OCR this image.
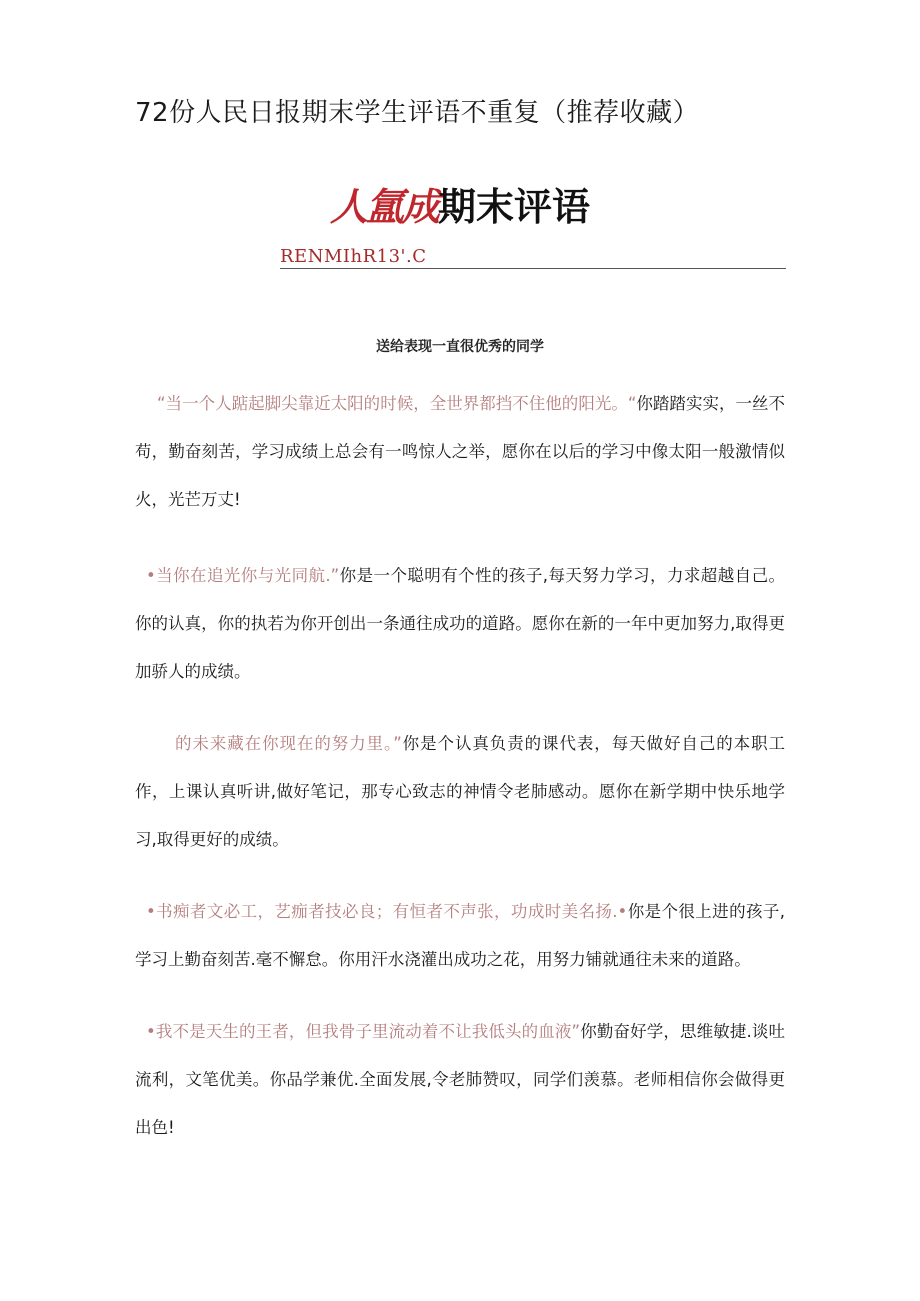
72份人民日报期末学生评语不重复（推荐收藏）
人氲成期末评语
RENMIhR13'.C
送给表现一直很优秀的同学

“当一个人踮起脚尖靠近太阳的时候，全世界都挡不住他的阳光。“你踏踏实实，一丝不苟，勤奋刻苦，学习成绩上总会有一鸣惊人之举，愿你在以后的学习中像太阳一般激情似火，光芒万丈!

•当你在追光你与光同航.”你是一个聪明有个性的孩子,每天努力学习，力求超越自己。你的认真，你的执若为你开创出一条通往成功的道路。愿你在新的一年中更加努力,取得更加骄人的成绩。

的未来藏在你现在的努力里。”你是个认真负责的课代表，每天做好自己的本职工作，上课认真听讲,做好笔记，那专心致志的神情令老肺感动。愿你在新学期中快乐地学习,取得更好的成绩。

•书痴者文必工，艺痂者技必良；有恒者不声张，功成时美名扬.•你是个很上进的孩子,学习上勤奋刻苦.毫不懈怠。你用汗水浇灌出成功之花，用努力铺就通往未来的道路。

•我不是天生的王者，但我骨子里流动着不让我低头的血液”你勤奋好学，思维敏捷.谈吐流利，文笔优美。你品学兼优.全面发展,令老肺赞叹，同学们羡慕。老师相信你会做得更出色!
